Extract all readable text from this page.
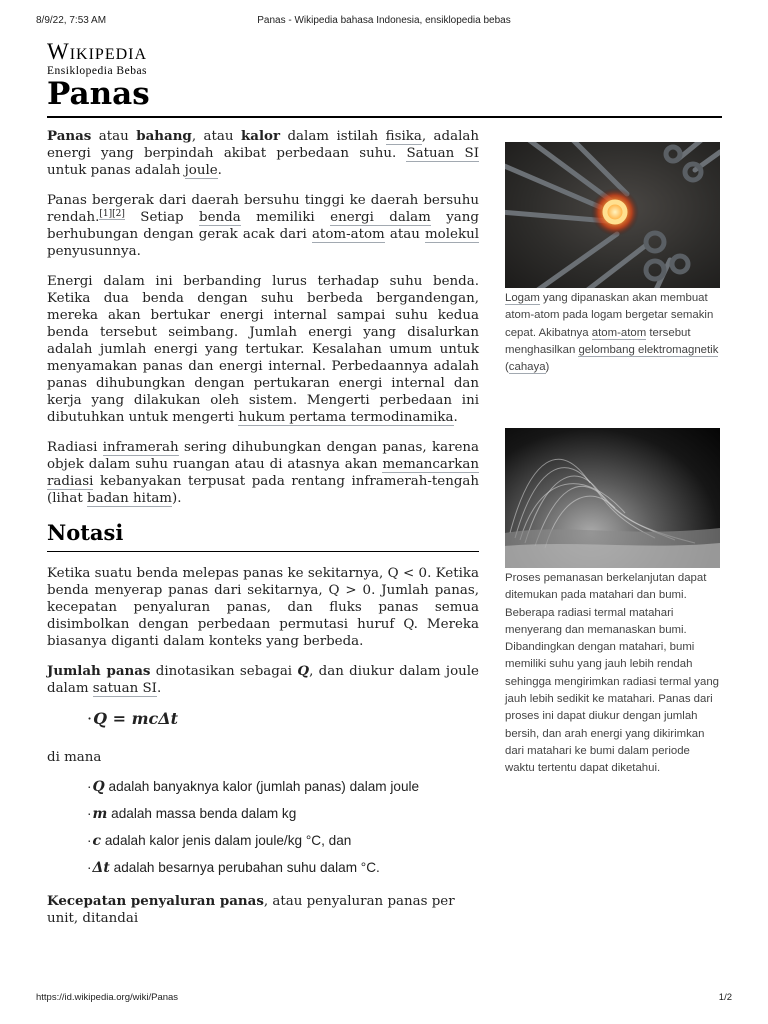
8/9/22, 7:53 AM	Panas - Wikipedia bahasa Indonesia, ensiklopedia bebas
Wikipedia
Ensiklopedia Bebas
Panas

Panas atau bahang, atau kalor dalam istilah fisika, adalah energi yang berpindah akibat perbedaan suhu. Satuan SI untuk panas adalah joule.

Panas bergerak dari daerah bersuhu tinggi ke daerah bersuhu rendah.[1][2] Setiap benda memiliki energi dalam yang berhubungan dengan gerak acak dari atom-atom atau molekul penyusunnya.

Energi dalam ini berbanding lurus terhadap suhu benda. Ketika dua benda dengan suhu berbeda bergandengan, mereka akan bertukar energi internal sampai suhu kedua benda tersebut seimbang. Jumlah energi yang disalurkan adalah jumlah energi yang tertukar. Kesalahan umum untuk menyamakan panas dan energi internal. Perbedaannya adalah panas dihubungkan dengan pertukaran energi internal dan kerja yang dilakukan oleh sistem. Mengerti perbedaan ini dibutuhkan untuk mengerti hukum pertama termodinamika.

Radiasi inframerah sering dihubungkan dengan panas, karena objek dalam suhu ruangan atau di atasnya akan memancarkan radiasi kebanyakan terpusat pada rentang inframerah-tengah (lihat badan hitam).

Notasi

Ketika suatu benda melepas panas ke sekitarnya, Q < 0. Ketika benda menyerap panas dari sekitarnya, Q > 0. Jumlah panas, kecepatan penyaluran panas, dan fluks panas semua disimbolkan dengan perbedaan permutasi huruf Q. Mereka biasanya diganti dalam konteks yang berbeda.

Jumlah panas dinotasikan sebagai Q, dan diukur dalam joule dalam satuan SI.

·Q = mcΔt
di mana
·Q adalah banyaknya kalor (jumlah panas) dalam joule
·m adalah massa benda dalam kg
·c adalah kalor jenis dalam joule/kg °C, dan
·Δt adalah besarnya perubahan suhu dalam °C.

Kecepatan penyaluran panas, atau penyaluran panas per unit, ditandai

Logam yang dipanaskan akan membuat atom-atom pada logam bergetar semakin cepat. Akibatnya atom-atom tersebut menghasilkan gelombang elektromagnetik (cahaya)
Proses pemanasan berkelanjutan dapat ditemukan pada matahari dan bumi. Beberapa radiasi termal matahari menyerang dan memanaskan bumi. Dibandingkan dengan matahari, bumi memiliki suhu yang jauh lebih rendah sehingga mengirimkan radiasi termal yang jauh lebih sedikit ke matahari. Panas dari proses ini dapat diukur dengan jumlah bersih, dan arah energi yang dikirimkan dari matahari ke bumi dalam periode waktu tertentu dapat diketahui.
https://id.wikipedia.org/wiki/Panas	1/2
